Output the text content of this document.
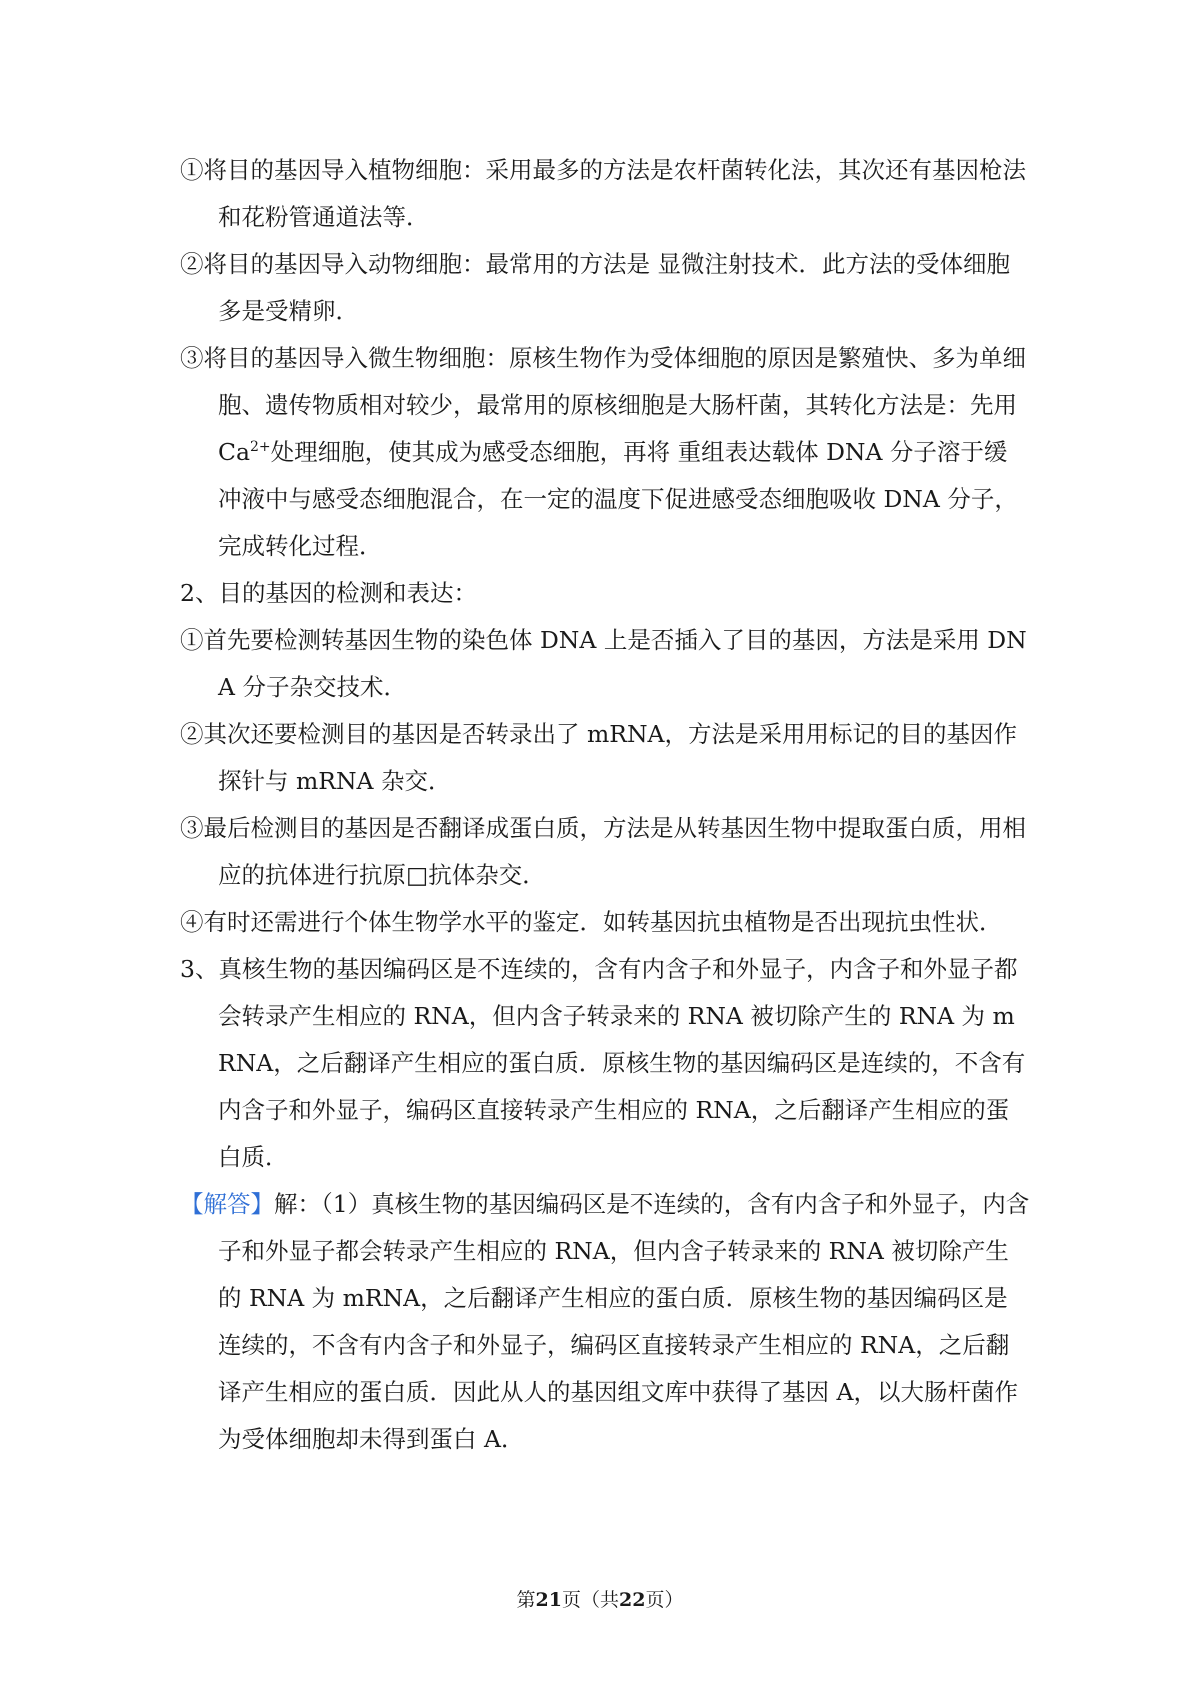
①将目的基因导入植物细胞：采用最多的方法是农杆菌转化法，其次还有基因枪法和花粉管通道法等．

②将目的基因导入动物细胞：最常用的方法是 显微注射技术．此方法的受体细胞多是受精卵．

③将目的基因导入微生物细胞：原核生物作为受体细胞的原因是繁殖快、多为单细胞、遗传物质相对较少，最常用的原核细胞是大肠杆菌，其转化方法是：先用 $Ca^{2+}$处理细胞，使其成为感受态细胞，再将 重组表达载体 DNA 分子溶于缓冲液中与感受态细胞混合，在一定的温度下促进感受态细胞吸收 DNA 分子，完成转化过程．

2、目的基因的检测和表达：

①首先要检测转基因生物的染色体 DNA 上是否插入了目的基因，方法是采用 DNA 分子杂交技术．

②其次还要检测目的基因是否转录出了 mRNA，方法是采用用标记的目的基因作探针与 mRNA 杂交．

③最后检测目的基因是否翻译成蛋白质，方法是从转基因生物中提取蛋白质，用相应的抗体进行抗原□抗体杂交．

④有时还需进行个体生物学水平的鉴定．如转基因抗虫植物是否出现抗虫性状．

3、真核生物的基因编码区是不连续的，含有内含子和外显子，内含子和外显子都会转录产生相应的 RNA，但内含子转录来的 RNA 被切除产生的 RNA 为 mRNA，之后翻译产生相应的蛋白质．原核生物的基因编码区是连续的，不含有内含子和外显子，编码区直接转录产生相应的 RNA，之后翻译产生相应的蛋白质．

【解答】解：（1）真核生物的基因编码区是不连续的，含有内含子和外显子，内含子和外显子都会转录产生相应的 RNA，但内含子转录来的 RNA 被切除产生的 RNA 为 mRNA，之后翻译产生相应的蛋白质．原核生物的基因编码区是连续的，不含有内含子和外显子，编码区直接转录产生相应的 RNA，之后翻译产生相应的蛋白质．因此从人的基因组文库中获得了基因 A，以大肠杆菌作为受体细胞却未得到蛋白 A．

第21页（共22页）
